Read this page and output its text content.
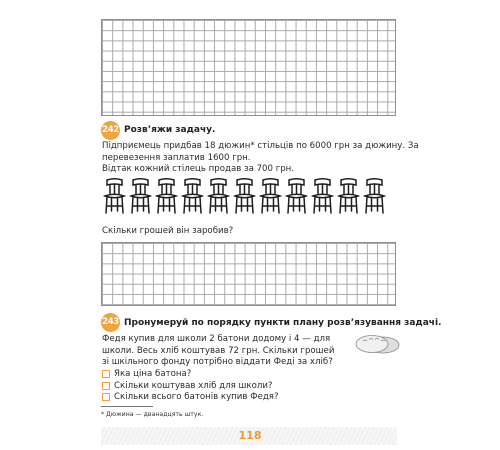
242 Розв’яжи задачу.
Підприємець придбав 18 дюжин* стільців по 6000 грн за дюжину. За
перевезення заплатив 1600 грн.
Відтак кожний стілець продав за 700 грн.
Скільки грошей він заробив?
243 Пронумеруй по порядку пункти плану розв’язування задачі.
Федя купив для школи 2 батони додому і 4 — для
школи. Весь хліб коштував 72 грн. Скільки грошей
зі шкільного фонду потрібно віддати Феді за хліб?
Яка ціна батона?
Скільки коштував хліб для школи?
Скільки всього батонів купив Федя?
* Дюжина — дванадцять штук.
118
